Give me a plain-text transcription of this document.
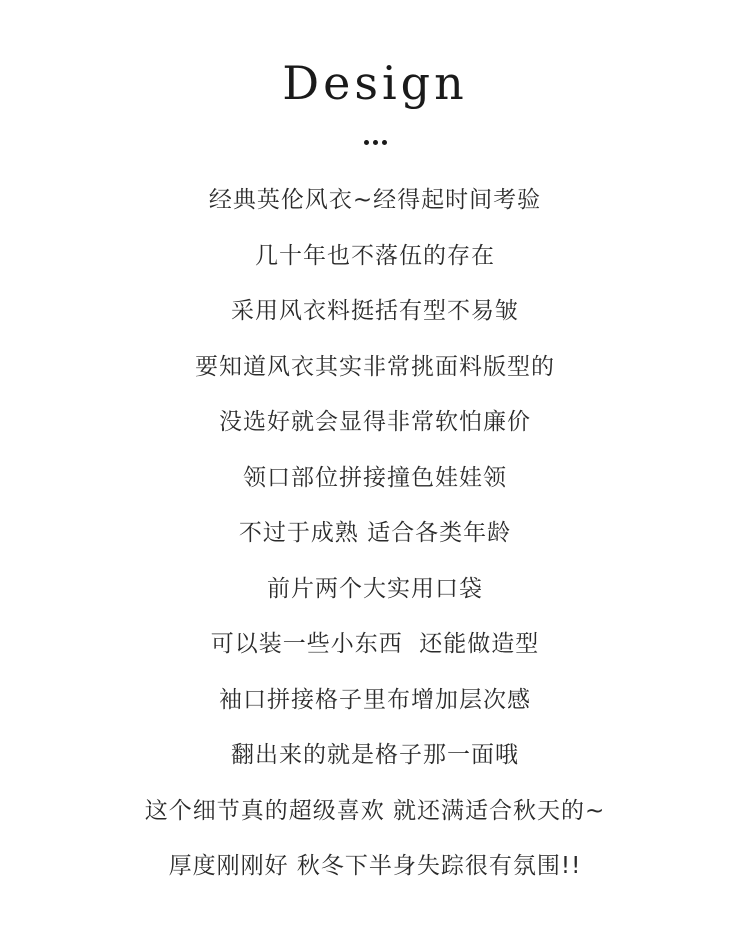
Design
经典英伦风衣~经得起时间考验
几十年也不落伍的存在
采用风衣料挺括有型不易皱
要知道风衣其实非常挑面料版型的
没选好就会显得非常软怕廉价
领口部位拼接撞色娃娃领
不过于成熟 适合各类年龄
前片两个大实用口袋
可以装一些小东西  还能做造型
袖口拼接格子里布增加层次感
翻出来的就是格子那一面哦
这个细节真的超级喜欢 就还满适合秋天的~
厚度刚刚好 秋冬下半身失踪很有氛围!!
